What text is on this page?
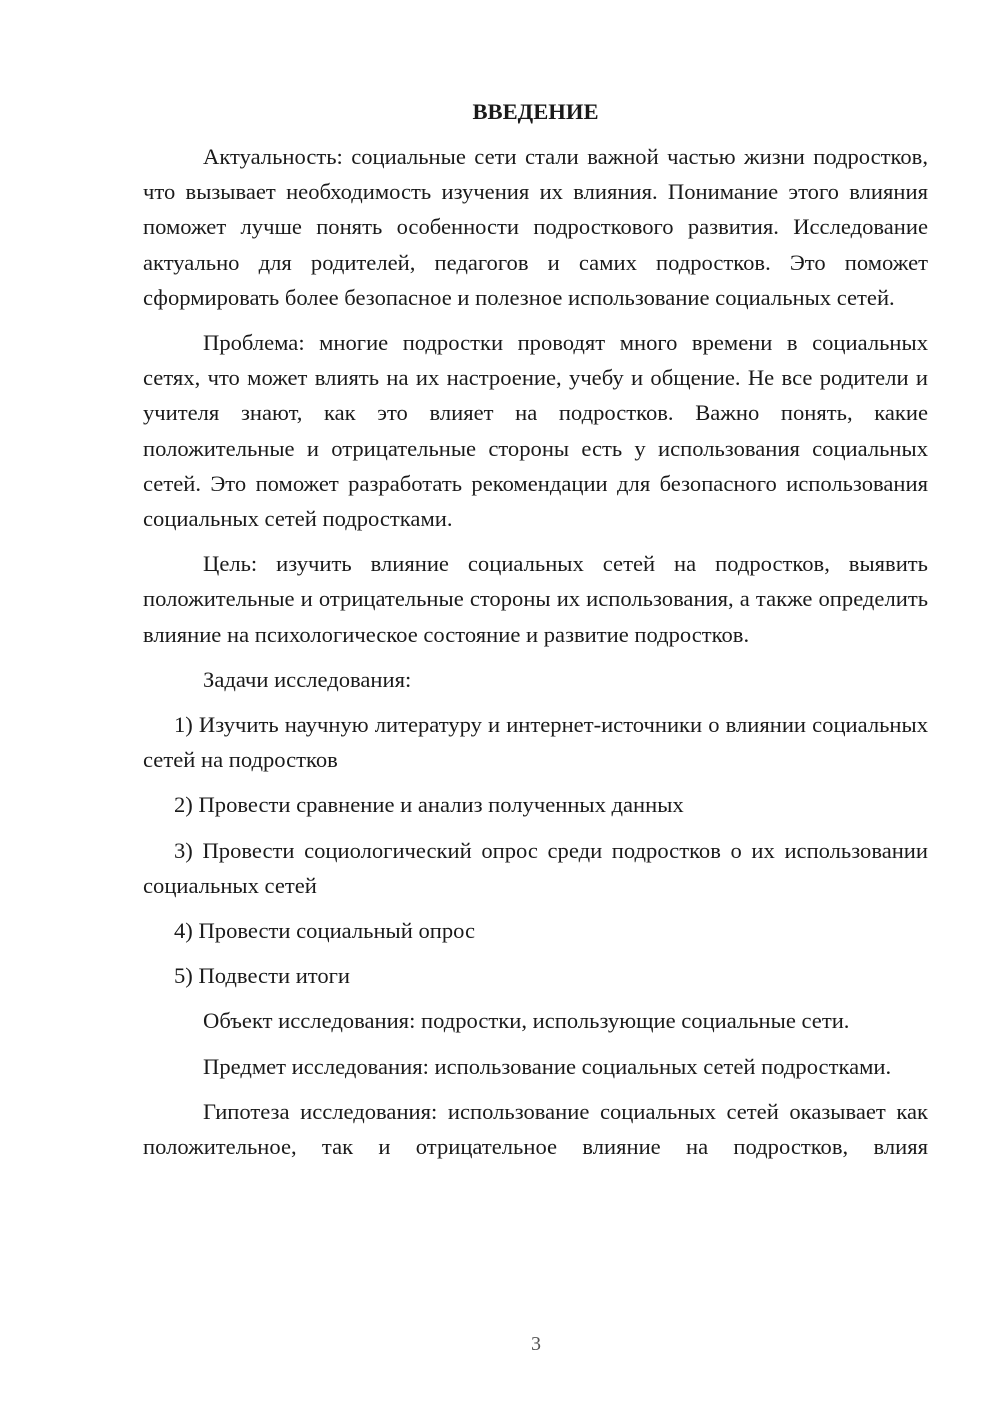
ВВЕДЕНИЕ

Актуальность: социальные сети стали важной частью жизни подростков, что вызывает необходимость изучения их влияния. Понимание этого влияния поможет лучше понять особенности подросткового развития. Исследование актуально для родителей, педагогов и самих подростков. Это поможет сформировать более безопасное и полезное использование социальных сетей.

Проблема: многие подростки проводят много времени в социальных сетях, что может влиять на их настроение, учебу и общение. Не все родители и учителя знают, как это влияет на подростков. Важно понять, какие положительные и отрицательные стороны есть у использования социальных сетей. Это поможет разработать рекомендации для безопасного использования социальных сетей подростками.

Цель: изучить влияние социальных сетей на подростков, выявить положительные и отрицательные стороны их использования, а также определить влияние на психологическое состояние и развитие подростков.

Задачи исследования:

1) Изучить научную литературу и интернет-источники о влиянии социальных сетей на подростков

2) Провести сравнение и анализ полученных данных

3) Провести социологический опрос среди подростков о их использовании социальных сетей

4) Провести социальный опрос

5) Подвести итоги

Объект исследования: подростки, использующие социальные сети.

Предмет исследования: использование социальных сетей подростками.

Гипотеза исследования: использование социальных сетей оказывает как положительное, так и отрицательное влияние на подростков, влияя

3
